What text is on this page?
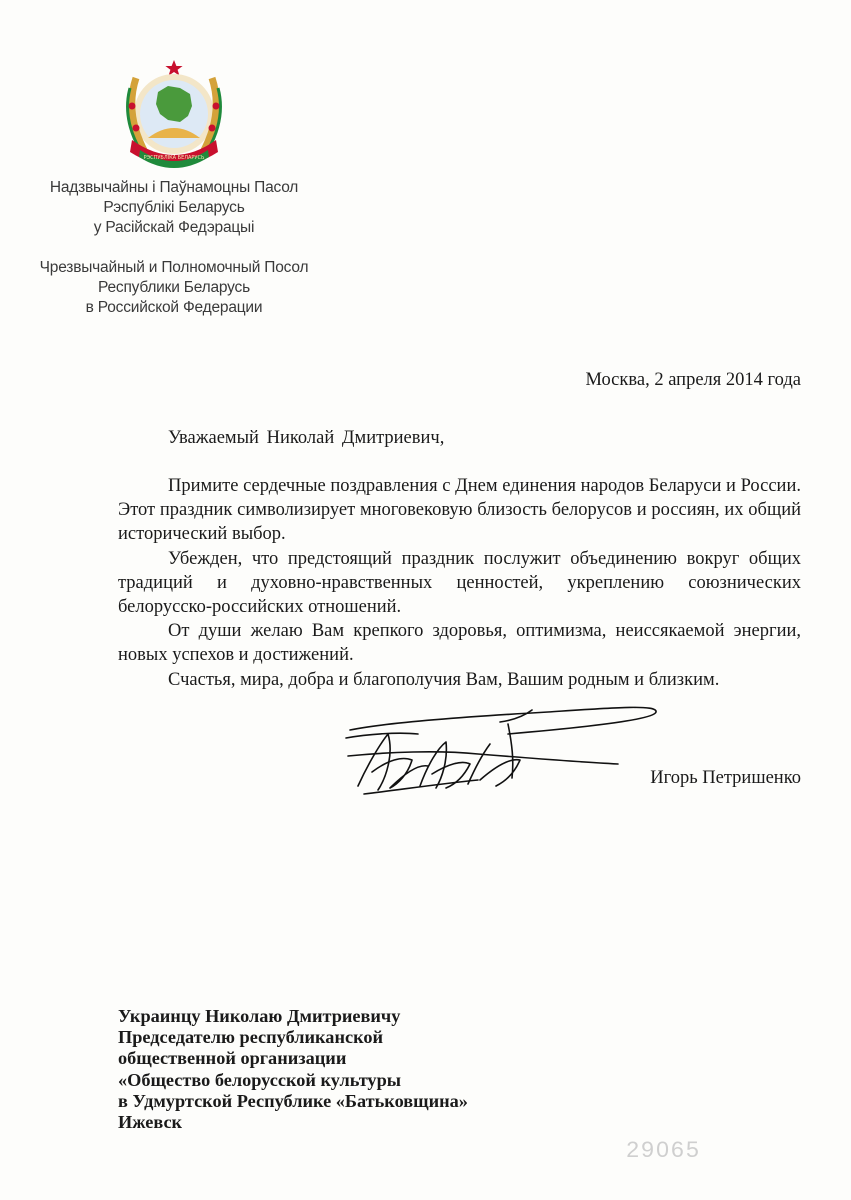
РЭСПУБЛІКА БЕЛАРУСЬ
Надзвычайны і Паўнамоцны Пасол
Рэспублікі Беларусь
у Расійскай Федэрацыі
Чрезвычайный и Полномочный Посол
Республики Беларусь
в Российской Федерации
Москва, 2 апреля 2014 года
Уважаемый Николай Дмитриевич,

Примите сердечные поздравления с Днем единения народов Беларуси и России. Этот праздник символизирует многовековую близость белорусов и россиян, их общий исторический выбор.

Убежден, что предстоящий праздник послужит объединению вокруг общих традиций и духовно-нравственных ценностей, укреплению союзнических белорусско-российских отношений.

От души желаю Вам крепкого здоровья, оптимизма, неиссякаемой энергии, новых успехов и достижений.

Счастья, мира, добра и благополучия Вам, Вашим родным и близким.

Игорь Петришенко
Украинцу Николаю Дмитриевичу
Председателю республиканской
общественной организации
«Общество белорусской культуры
в Удмуртской Республике «Батьковщина»
Ижевск
29065
